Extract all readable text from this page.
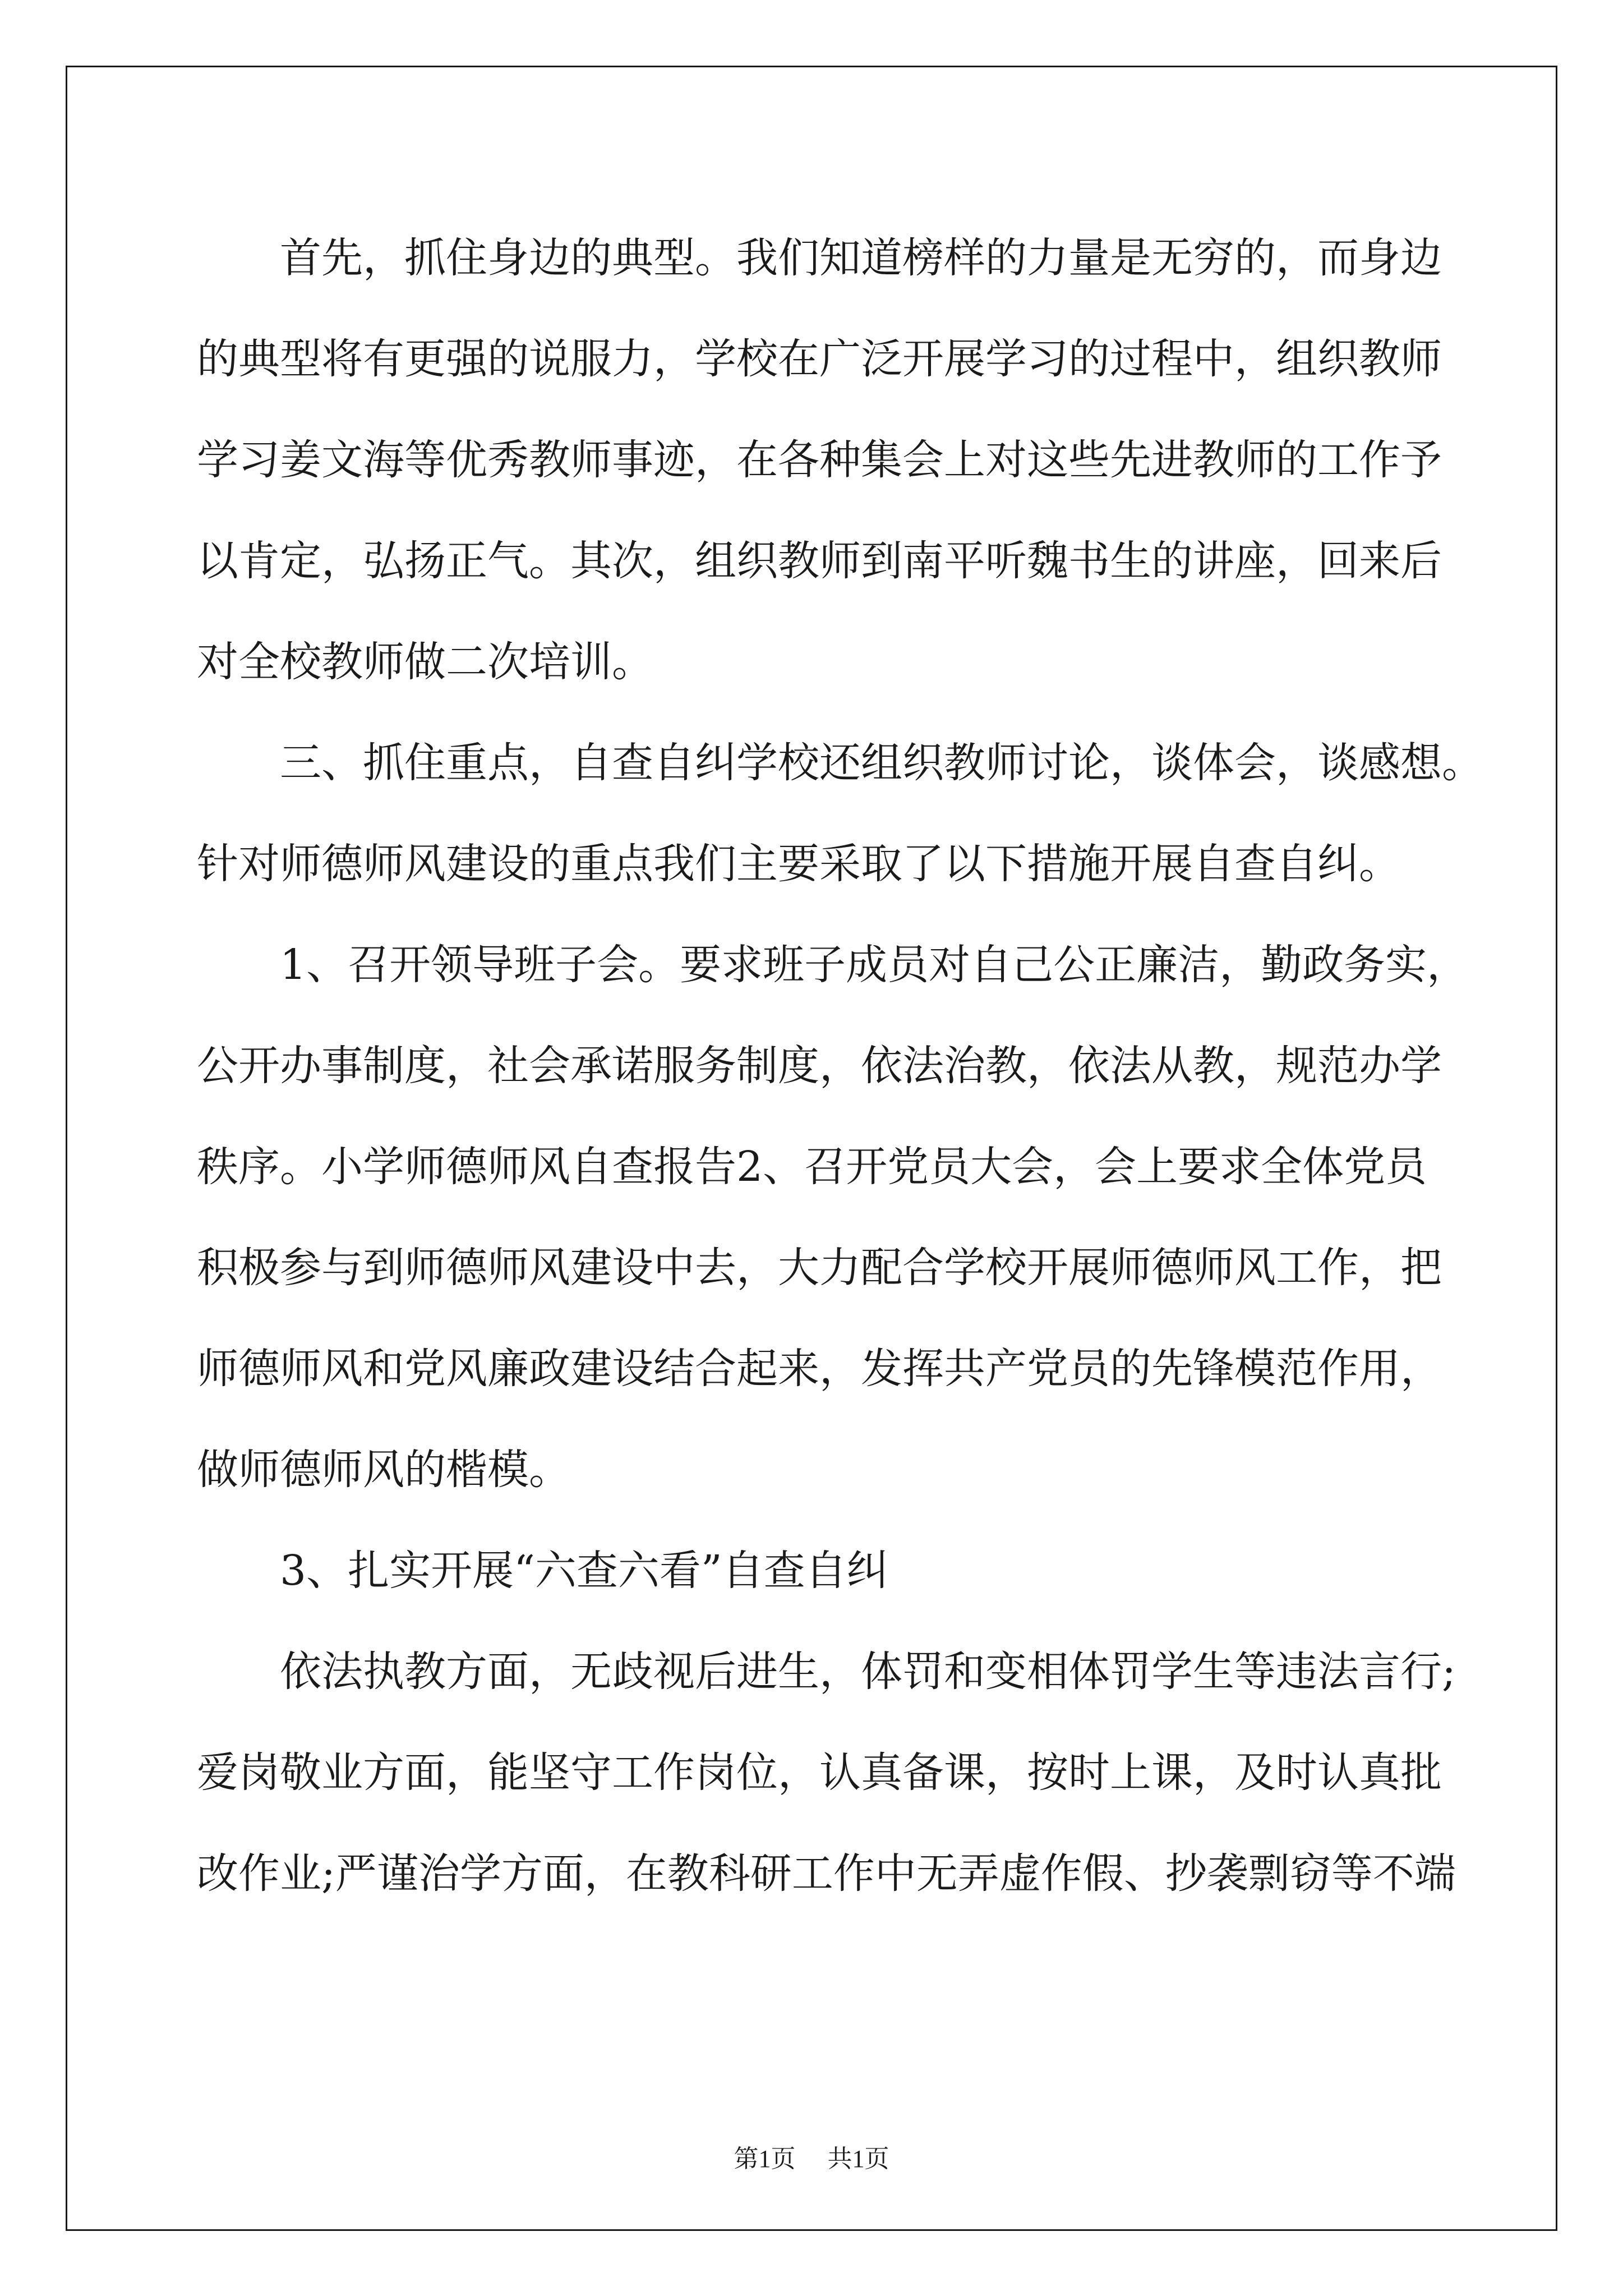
首先，抓住身边的典型。我们知道榜样的力量是无穷的，而身边
的典型将有更强的说服力，学校在广泛开展学习的过程中，组织教师
学习姜文海等优秀教师事迹，在各种集会上对这些先进教师的工作予
以肯定，弘扬正气。其次，组织教师到南平听魏书生的讲座，回来后
对全校教师做二次培训。
三、抓住重点，自查自纠学校还组织教师讨论，谈体会，谈感想。
针对师德师风建设的重点我们主要采取了以下措施开展自查自纠。
1、召开领导班子会。要求班子成员对自己公正廉洁，勤政务实，
公开办事制度，社会承诺服务制度，依法治教，依法从教，规范办学
秩序。小学师德师风自查报告2、召开党员大会，会上要求全体党员
积极参与到师德师风建设中去，大力配合学校开展师德师风工作，把
师德师风和党风廉政建设结合起来，发挥共产党员的先锋模范作用，
做师德师风的楷模。
3、扎实开展“六查六看”自查自纠
依法执教方面，无歧视后进生，体罚和变相体罚学生等违法言行;
爱岗敬业方面，能坚守工作岗位，认真备课，按时上课，及时认真批
改作业;严谨治学方面，在教科研工作中无弄虚作假、抄袭剽窃等不端
第1页 共1页
